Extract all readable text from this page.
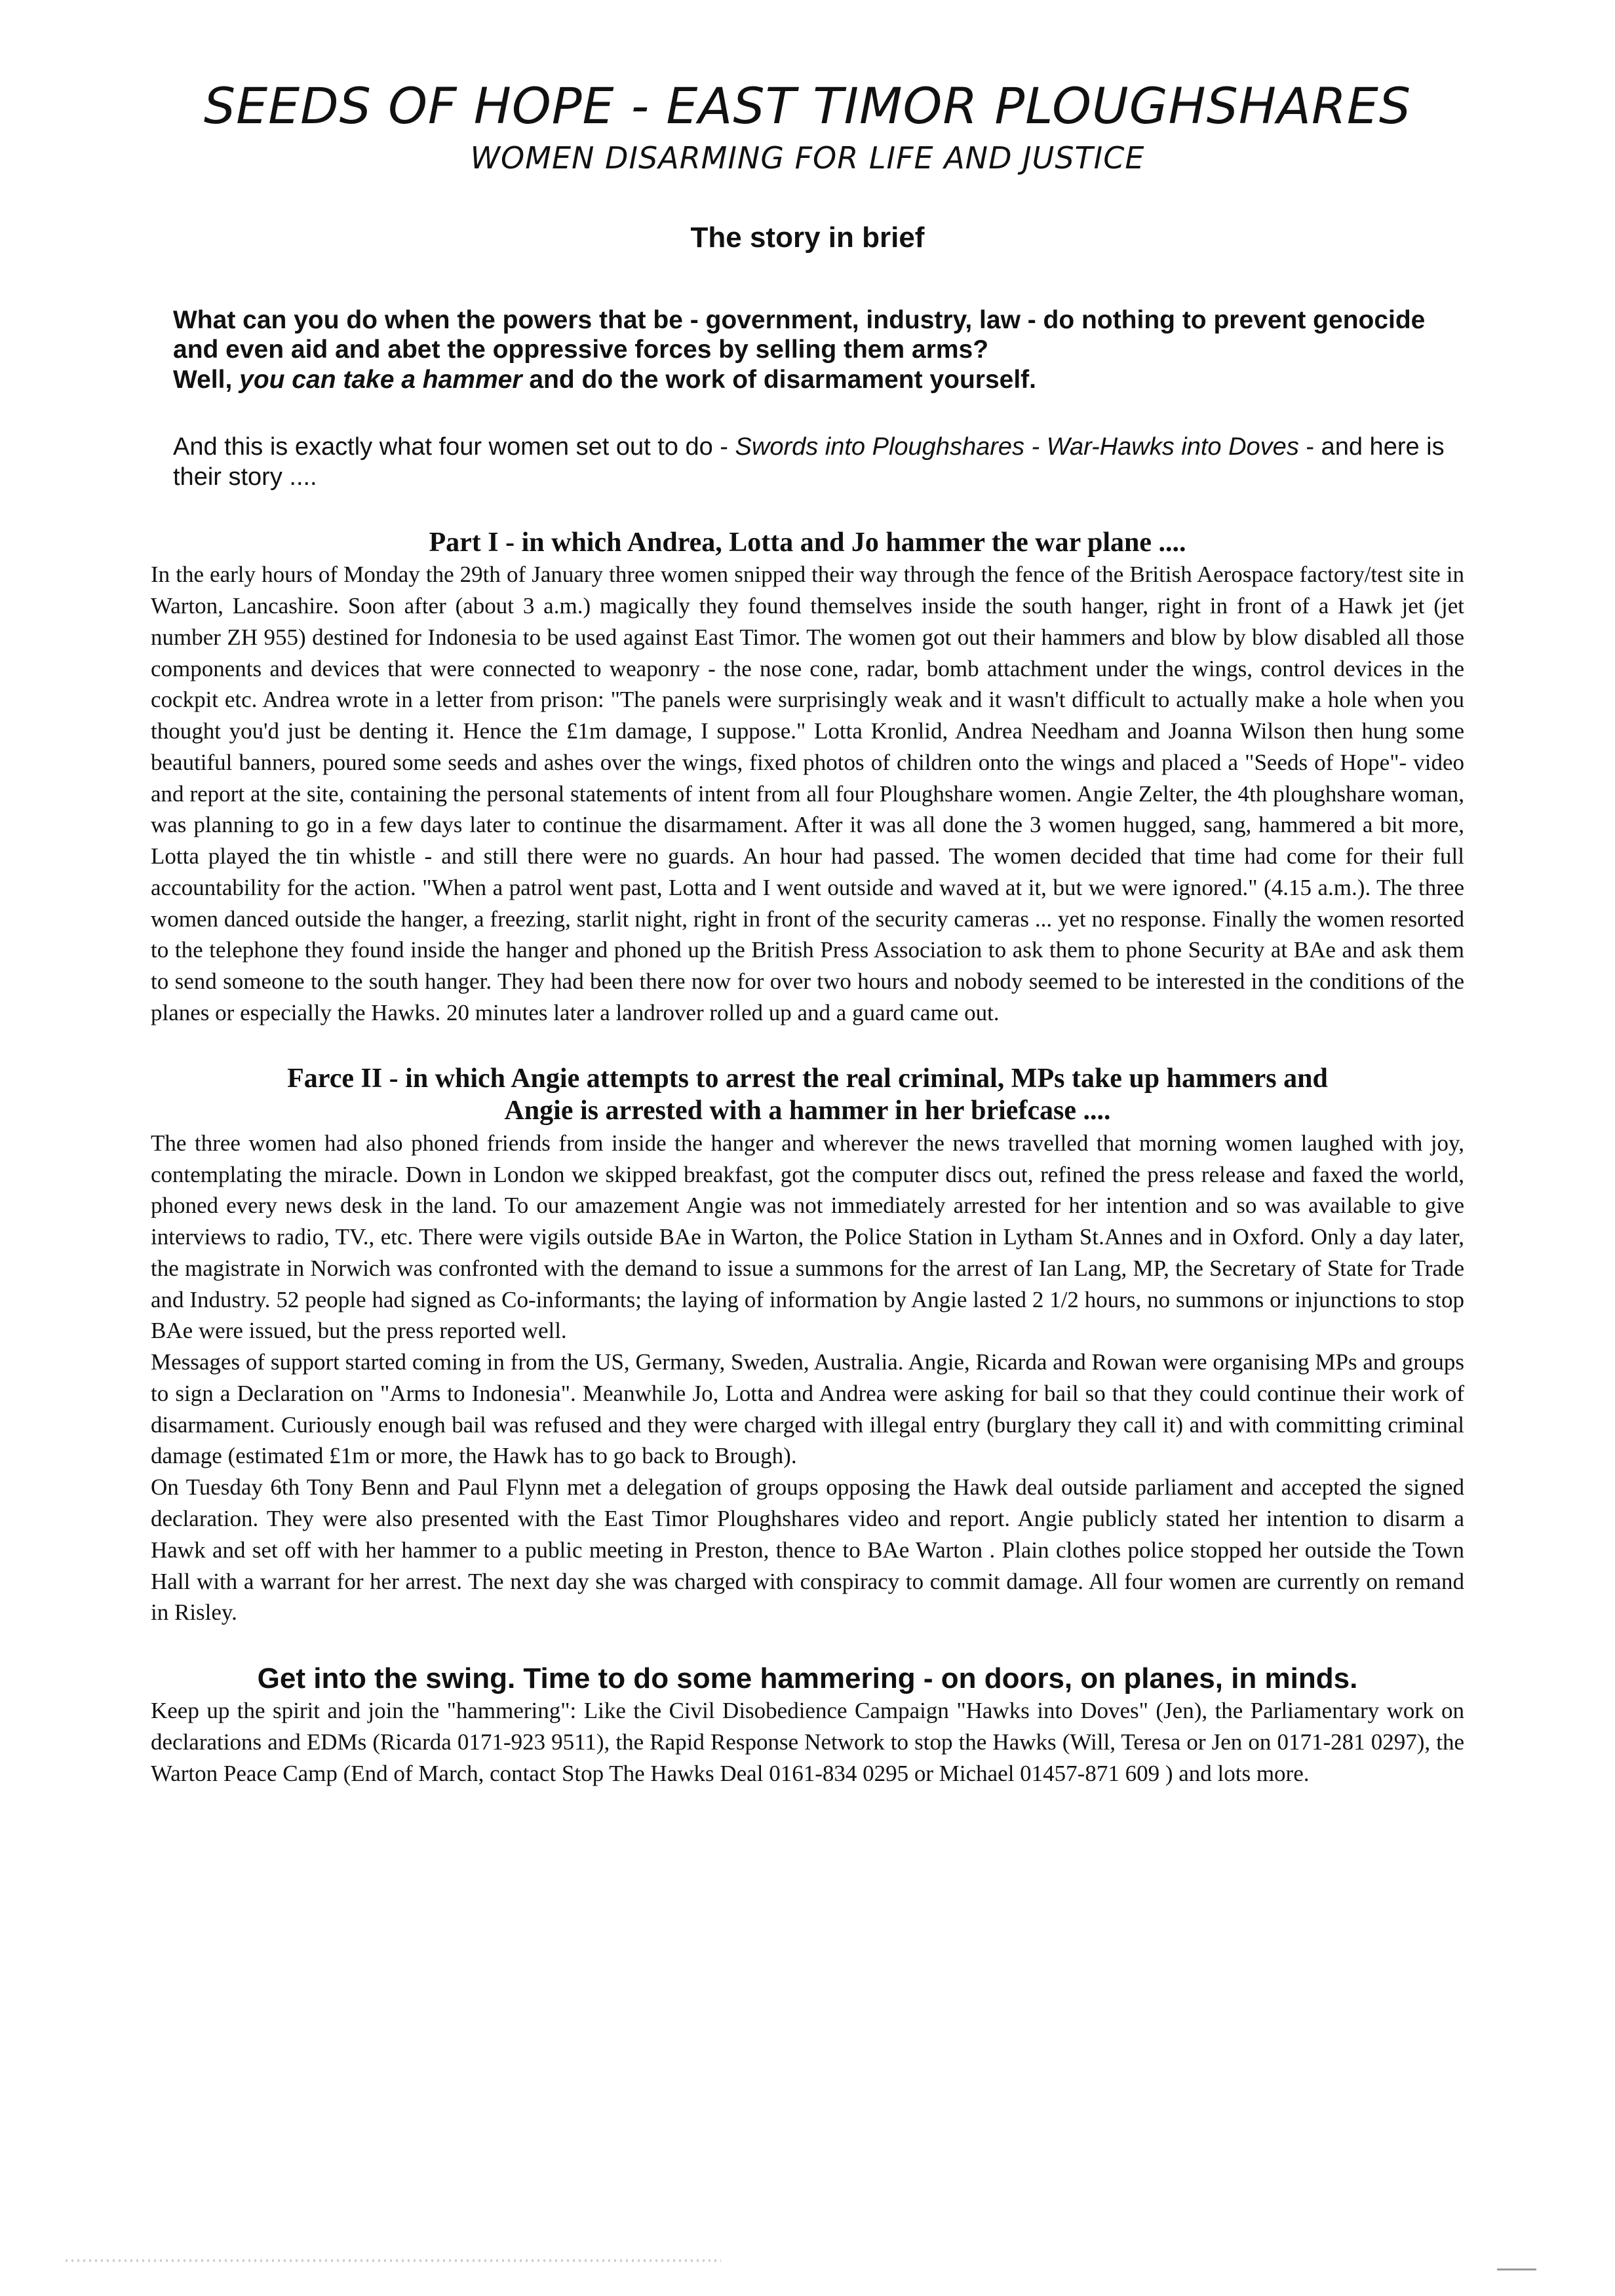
SEEDS OF HOPE - EAST TIMOR PLOUGHSHARES
WOMEN DISARMING FOR LIFE AND JUSTICE
The story in brief
What can you do when the powers that be - government, industry, law - do nothing to prevent genocide and even aid and abet the oppressive forces by selling them arms?
Well, you can take a hammer and do the work of disarmament yourself.
And this is exactly what four women set out to do - Swords into Ploughshares - War-Hawks into Doves - and here is their story ....
Part I - in which Andrea, Lotta and Jo hammer the war plane ....

In the early hours of Monday the 29th of January three women snipped their way through the fence of the British Aerospace factory/test site in Warton, Lancashire. Soon after (about 3 a.m.) magically they found themselves inside the south hanger, right in front of a Hawk jet (jet number ZH 955) destined for Indonesia to be used against East Timor. The women got out their hammers and blow by blow disabled all those components and devices that were connected to weaponry - the nose cone, radar, bomb attachment under the wings, control devices in the cockpit etc. Andrea wrote in a letter from prison: "The panels were surprisingly weak and it wasn't difficult to actually make a hole when you thought you'd just be denting it. Hence the £1m damage, I suppose." Lotta Kronlid, Andrea Needham and Joanna Wilson then hung some beautiful banners, poured some seeds and ashes over the wings, fixed photos of children onto the wings and placed a "Seeds of Hope"- video and report at the site, containing the personal statements of intent from all four Ploughshare women. Angie Zelter, the 4th ploughshare woman, was planning to go in a few days later to continue the disarmament. After it was all done the 3 women hugged, sang, hammered a bit more, Lotta played the tin whistle - and still there were no guards. An hour had passed. The women decided that time had come for their full accountability for the action. "When a patrol went past, Lotta and I went outside and waved at it, but we were ignored." (4.15 a.m.). The three women danced outside the hanger, a freezing, starlit night, right in front of the security cameras ... yet no response. Finally the women resorted to the telephone they found inside the hanger and phoned up the British Press Association to ask them to phone Security at BAe and ask them to send someone to the south hanger. They had been there now for over two hours and nobody seemed to be interested in the conditions of the planes or especially the Hawks. 20 minutes later a landrover rolled up and a guard came out.

Farce II - in which Angie attempts to arrest the real criminal, MPs take up hammers and
Angie is arrested with a hammer in her briefcase ....

The three women had also phoned friends from inside the hanger and wherever the news travelled that morning women laughed with joy, contemplating the miracle. Down in London we skipped breakfast, got the computer discs out, refined the press release and faxed the world, phoned every news desk in the land. To our amazement Angie was not immediately arrested for her intention and so was available to give interviews to radio, TV., etc. There were vigils outside BAe in Warton, the Police Station in Lytham St.Annes and in Oxford. Only a day later, the magistrate in Norwich was confronted with the demand to issue a summons for the arrest of Ian Lang, MP, the Secretary of State for Trade and Industry. 52 people had signed as Co-informants; the laying of information by Angie lasted 2 1/2 hours, no summons or injunctions to stop BAe were issued, but the press reported well.

Messages of support started coming in from the US, Germany, Sweden, Australia. Angie, Ricarda and Rowan were organising MPs and groups to sign a Declaration on "Arms to Indonesia". Meanwhile Jo, Lotta and Andrea were asking for bail so that they could continue their work of disarmament. Curiously enough bail was refused and they were charged with illegal entry (burglary they call it) and with committing criminal damage (estimated £1m or more, the Hawk has to go back to Brough).

On Tuesday 6th Tony Benn and Paul Flynn met a delegation of groups opposing the Hawk deal outside parliament and accepted the signed declaration. They were also presented with the East Timor Ploughshares video and report. Angie publicly stated her intention to disarm a Hawk and set off with her hammer to a public meeting in Preston, thence to BAe Warton . Plain clothes police stopped her outside the Town Hall with a warrant for her arrest. The next day she was charged with conspiracy to commit damage. All four women are currently on remand in Risley.

Get into the swing. Time to do some hammering - on doors, on planes, in minds.

Keep up the spirit and join the "hammering": Like the Civil Disobedience Campaign "Hawks into Doves" (Jen), the Parliamentary work on declarations and EDMs (Ricarda 0171-923 9511), the Rapid Response Network to stop the Hawks (Will, Teresa or Jen on 0171-281 0297), the Warton Peace Camp (End of March, contact Stop The Hawks Deal 0161-834 0295 or Michael 01457-871 609 ) and lots more.
